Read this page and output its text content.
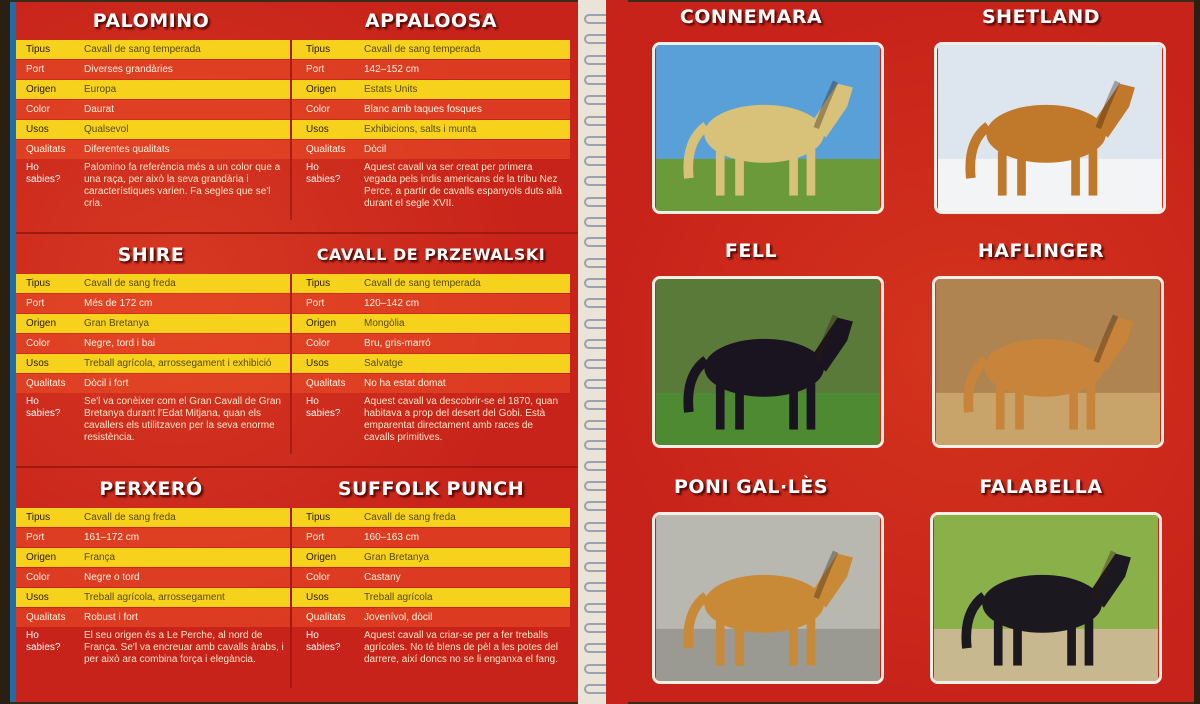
PALOMINO
Tipus	Cavall de sang temperada
Port	Diverses grandàries
Origen	Europa
Color	Daurat
Usos	Qualsevol
Qualitats	Diferentes qualitats
Ho
sabies?
Palomino fa referència més a un color que a una raça, per això la seva grandària i característiques varien. Fa segles que se'l cria.
APPALOOSA
Tipus	Cavall de sang temperada
Port	142–152 cm
Origen	Estats Units
Color	Blanc amb taques fosques
Usos	Exhibicions, salts i munta
Qualitats	Dòcil
Ho
sabies?
Aquest cavall va ser creat per primera vegada pels indis americans de la tribu Nez Perce, a partir de cavalls espanyols duts allà durant el segle XVII.
SHIRE
Tipus	Cavall de sang freda
Port	Més de 172 cm
Origen	Gran Bretanya
Color	Negre, tord i bai
Usos	Treball agrícola, arrossegament i exhibició
Qualitats	Dòcil i fort
Ho
sabies?
Se'l va conèixer com el Gran Cavall de Gran Bretanya durant l'Edat Mitjana, quan els cavallers els utilitzaven per la seva enorme resistència.
CAVALL DE PRZEWALSKI
Tipus	Cavall de sang temperada
Port	120–142 cm
Origen	Mongòlia
Color	Bru, gris-marró
Usos	Salvatge
Qualitats	No ha estat domat
Ho
sabies?
Aquest cavall va descobrir-se el 1870, quan habitava a prop del desert del Gobi. Està emparentat directament amb races de cavalls primitives.
PERXERÓ
Tipus	Cavall de sang freda
Port	161–172 cm
Origen	França
Color	Negre o tord
Usos	Treball agrícola, arrossegament
Qualitats	Robust i fort
Ho
sabies?
El seu origen és a Le Perche, al nord de França. Se'l va encreuar amb cavalls àrabs, i per això ara combina força i elegància.
SUFFOLK PUNCH
Tipus	Cavall de sang freda
Port	160–163 cm
Origen	Gran Bretanya
Color	Castany
Usos	Treball agrícola
Qualitats	Jovenívol, dòcil
Ho
sabies?
Aquest cavall va criar-se per a fer treballs agrícoles. No té blens de pèl a les potes del darrere, així doncs no se li enganxa el fang.
CONNEMARA	SHETLAND
FELL	HAFLINGER
PONI GAL·LÈS	FALABELLA
